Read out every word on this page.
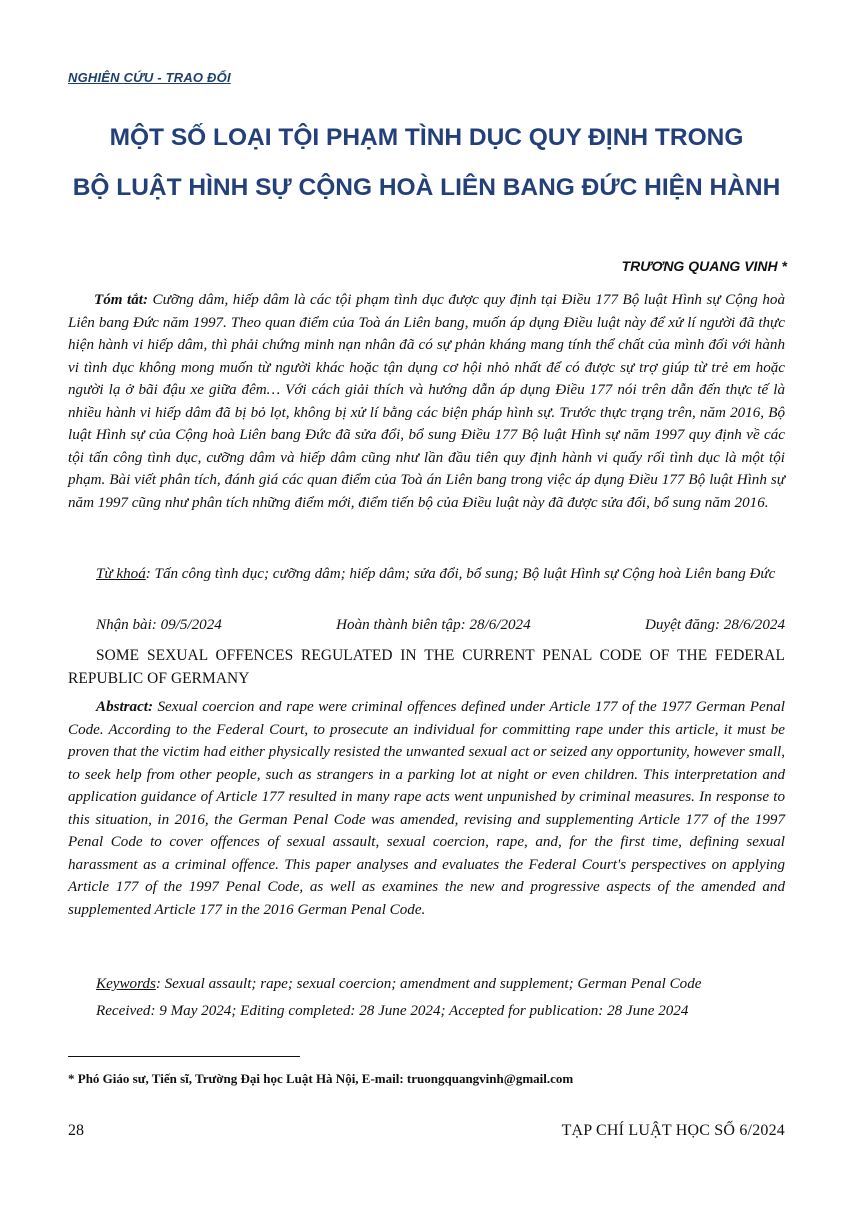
NGHIÊN CỨU - TRAO ĐỔI

MỘT SỐ LOẠI TỘI PHẠM TÌNH DỤC QUY ĐỊNH TRONG
BỘ LUẬT HÌNH SỰ CỘNG HOÀ LIÊN BANG ĐỨC HIỆN HÀNH

TRƯƠNG QUANG VINH *

Tóm tắt: Cưỡng dâm, hiếp dâm là các tội phạm tình dục được quy định tại Điều 177 Bộ luật Hình sự Cộng hoà Liên bang Đức năm 1997. Theo quan điểm của Toà án Liên bang, muốn áp dụng Điều luật này để xử lí người đã thực hiện hành vi hiếp dâm, thì phải chứng minh nạn nhân đã có sự phản kháng mang tính thể chất của mình đối với hành vi tình dục không mong muốn từ người khác hoặc tận dụng cơ hội nhỏ nhất để có được sự trợ giúp từ trẻ em hoặc người lạ ở bãi đậu xe giữa đêm… Với cách giải thích và hướng dẫn áp dụng Điều 177 nói trên dẫn đến thực tế là nhiều hành vi hiếp dâm đã bị bỏ lọt, không bị xử lí bằng các biện pháp hình sự. Trước thực trạng trên, năm 2016, Bộ luật Hình sự của Cộng hoà Liên bang Đức đã sửa đổi, bổ sung Điều 177 Bộ luật Hình sự năm 1997 quy định về các tội tấn công tình dục, cưỡng dâm và hiếp dâm cũng như lần đầu tiên quy định hành vi quấy rối tình dục là một tội phạm. Bài viết phân tích, đánh giá các quan điểm của Toà án Liên bang trong việc áp dụng Điều 177 Bộ luật Hình sự năm 1997 cũng như phân tích những điểm mới, điểm tiến bộ của Điều luật này đã được sửa đổi, bổ sung năm 2016.

Từ khoá: Tấn công tình dục; cưỡng dâm; hiếp dâm; sửa đổi, bổ sung; Bộ luật Hình sự Cộng hoà Liên bang Đức

Nhận bài: 09/5/2024	Hoàn thành biên tập: 28/6/2024	Duyệt đăng: 28/6/2024

SOME SEXUAL OFFENCES REGULATED IN THE CURRENT PENAL CODE OF THE FEDERAL REPUBLIC OF GERMANY

Abstract: Sexual coercion and rape were criminal offences defined under Article 177 of the 1977 German Penal Code. According to the Federal Court, to prosecute an individual for committing rape under this article, it must be proven that the victim had either physically resisted the unwanted sexual act or seized any opportunity, however small, to seek help from other people, such as strangers in a parking lot at night or even children. This interpretation and application guidance of Article 177 resulted in many rape acts went unpunished by criminal measures. In response to this situation, in 2016, the German Penal Code was amended, revising and supplementing Article 177 of the 1997 Penal Code to cover offences of sexual assault, sexual coercion, rape, and, for the first time, defining sexual harassment as a criminal offence. This paper analyses and evaluates the Federal Court's perspectives on applying Article 177 of the 1997 Penal Code, as well as examines the new and progressive aspects of the amended and supplemented Article 177 in the 2016 German Penal Code.

Keywords: Sexual assault; rape; sexual coercion; amendment and supplement; German Penal Code

Received: 9 May 2024; Editing completed: 28 June 2024; Accepted for publication: 28 June 2024

* Phó Giáo sư, Tiến sĩ, Trường Đại học Luật Hà Nội, E-mail: truongquangvinh@gmail.com

28	TẠP CHÍ LUẬT HỌC SỐ 6/2024
